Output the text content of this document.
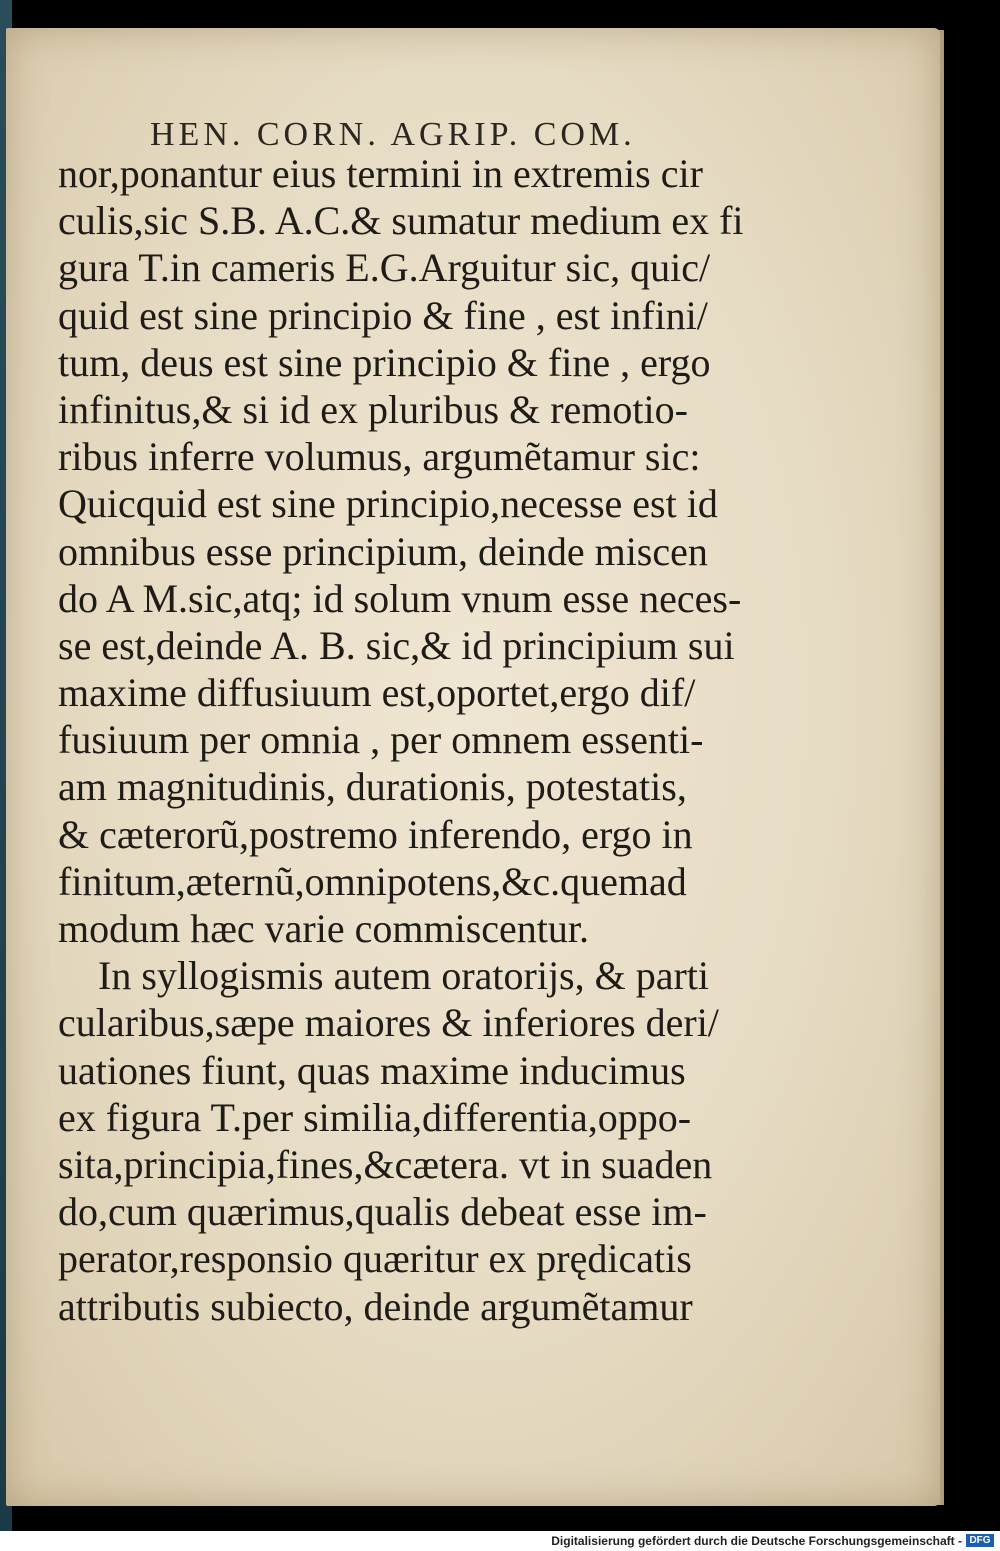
HEN. CORN. AGRIP. COM.
nor,ponantur eius termini in extremis cir
culis,sic S.B. A.C.& sumatur medium ex fi
gura T.in cameris E.G.Arguitur sic, quic/
quid est sine principio & fine , est infini/
tum, deus est sine principio & fine , ergo
infinitus,& si id ex pluribus & remotio-
ribus inferre volumus, argumẽtamur sic:
Quicquid est sine principio,necesse est id
omnibus esse principium, deinde miscen
do A M.sic,atq; id solum vnum esse neces-
se est,deinde A. B. sic,& id principium sui
maxime diffusiuum est,oportet,ergo dif/
fusiuum per omnia , per omnem essenti-
am magnitudinis, durationis, potestatis,
& cæterorũ,postremo inferendo, ergo in
finitum,æternũ,omnipotens,&c.quemad
modum hæc varie commiscentur.
In syllogismis autem oratorijs, & parti
cularibus,sæpe maiores & inferiores deri/
uationes fiunt, quas maxime inducimus
ex figura T.per similia,differentia,oppo-
sita,principia,fines,&cætera. vt in suaden
do,cum quærimus,qualis debeat esse im-
perator,responsio quæritur ex prędicatis
attributis subiecto, deinde argumẽtamur
Digitalisierung gefördert durch die Deutsche Forschungsgemeinschaft - DFG
